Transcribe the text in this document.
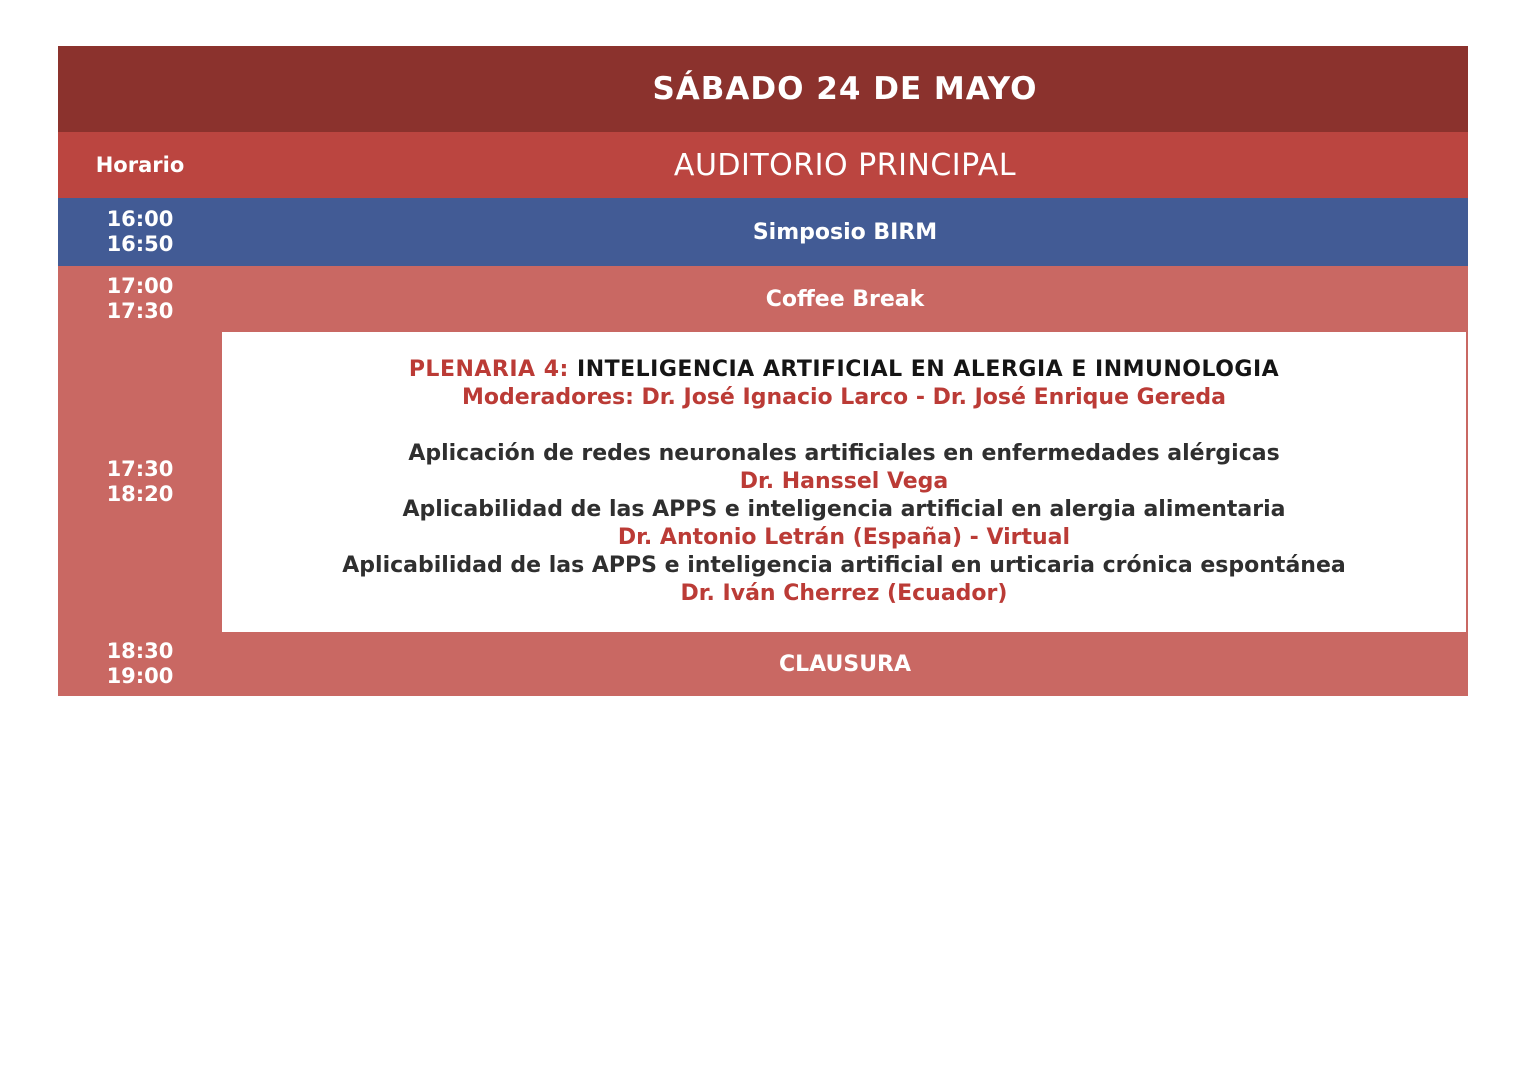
SÁBADO 24 DE MAYO
Horario	AUDITORIO PRINCIPAL
16:00
16:50	Simposio BIRM
17:00
17:30
17:30
18:20
18:30
19:00
Coffee Break
PLENARIA 4: INTELIGENCIA ARTIFICIAL EN ALERGIA E INMUNOLOGIA
Moderadores: Dr. José Ignacio Larco - Dr. José Enrique Gereda
Aplicación de redes neuronales artificiales en enfermedades alérgicas
Dr. Hanssel Vega
Aplicabilidad de las APPS e inteligencia artificial en alergia alimentaria
Dr. Antonio Letrán (España) - Virtual
Aplicabilidad de las APPS e inteligencia artificial en urticaria crónica espontánea
Dr. Iván Cherrez (Ecuador)
CLAUSURA
